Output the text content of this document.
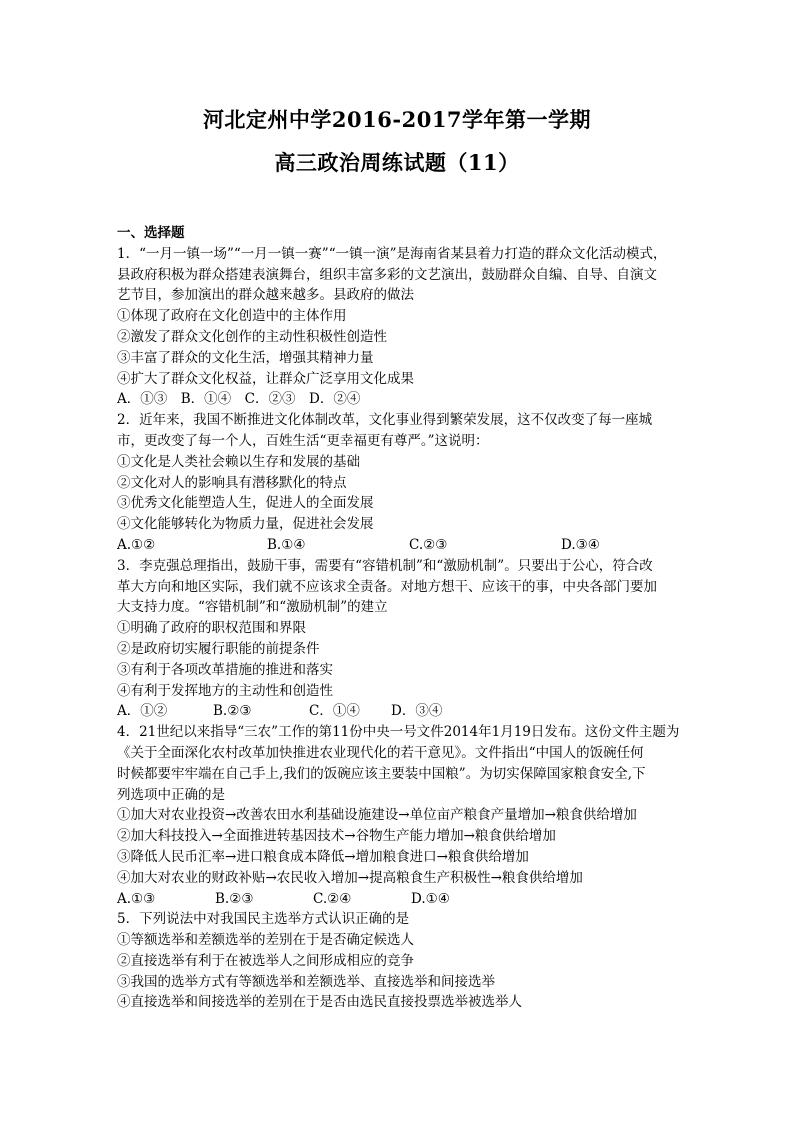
河北定州中学2016-2017学年第一学期
高三政治周练试题（11）
一、选择题
1．“一月一镇一场”“一月一镇一赛”“一镇一演”是海南省某县着力打造的群众文化活动模式，
县政府积极为群众搭建表演舞台，组织丰富多彩的文艺演出，鼓励群众自编、自导、自演文
艺节目，参加演出的群众越来越多。县政府的做法
①体现了政府在文化创造中的主体作用
②激发了群众文化创作的主动性积极性创造性
③丰富了群众的文化生活，增强其精神力量
④扩大了群众文化权益，让群众广泛享用文化成果
A．①③　B．①④　C．②③　D．②④
2．近年来，我国不断推进文化体制改革，文化事业得到繁荣发展，这不仅改变了每一座城
市，更改变了每一个人，百姓生活“更幸福更有尊严。”这说明：
①文化是人类社会赖以生存和发展的基础
②文化对人的影响具有潜移默化的特点
③优秀文化能塑造人生，促进人的全面发展
④文化能够转化为物质力量，促进社会发展
A.①②	B.①④	C.②③	D.③④
3．李克强总理指出，鼓励干事，需要有“容错机制”和“激励机制”。只要出于公心，符合改
革大方向和地区实际，我们就不应该求全责备。对地方想干、应该干的事，中央各部门要加
大支持力度。“容错机制”和“激励机制”的建立
①明确了政府的职权范围和界限
②是政府切实履行职能的前提条件
③有利于各项改革措施的推进和落实
④有利于发挥地方的主动性和创造性
A．①②	B.②③	C．①④	D．③④
4．21世纪以来指导“三农”工作的第11份中央一号文件2014年1月19日发布。这份文件主题为
《关于全面深化农村改革加快推进农业现代化的若干意见》。文件指出“中国人的饭碗任何
时候都要牢牢端在自己手上,我们的饭碗应该主要装中国粮”。为切实保障国家粮食安全,下
列选项中正确的是
①加大对农业投资→改善农田水利基础设施建设→单位亩产粮食产量增加→粮食供给增加
②加大科技投入→全面推进转基因技术→谷物生产能力增加→粮食供给增加
③降低人民币汇率→进口粮食成本降低→增加粮食进口→粮食供给增加
④加大对农业的财政补贴→农民收入增加→提高粮食生产积极性→粮食供给增加
A.①③	B.②③	C.②④	D.①④
5．下列说法中对我国民主选举方式认识正确的是
①等额选举和差额选举的差别在于是否确定候选人
②直接选举有利于在被选举人之间形成相应的竞争
③我国的选举方式有等额选举和差额选举、直接选举和间接选举
④直接选举和间接选举的差别在于是否由选民直接投票选举被选举人
